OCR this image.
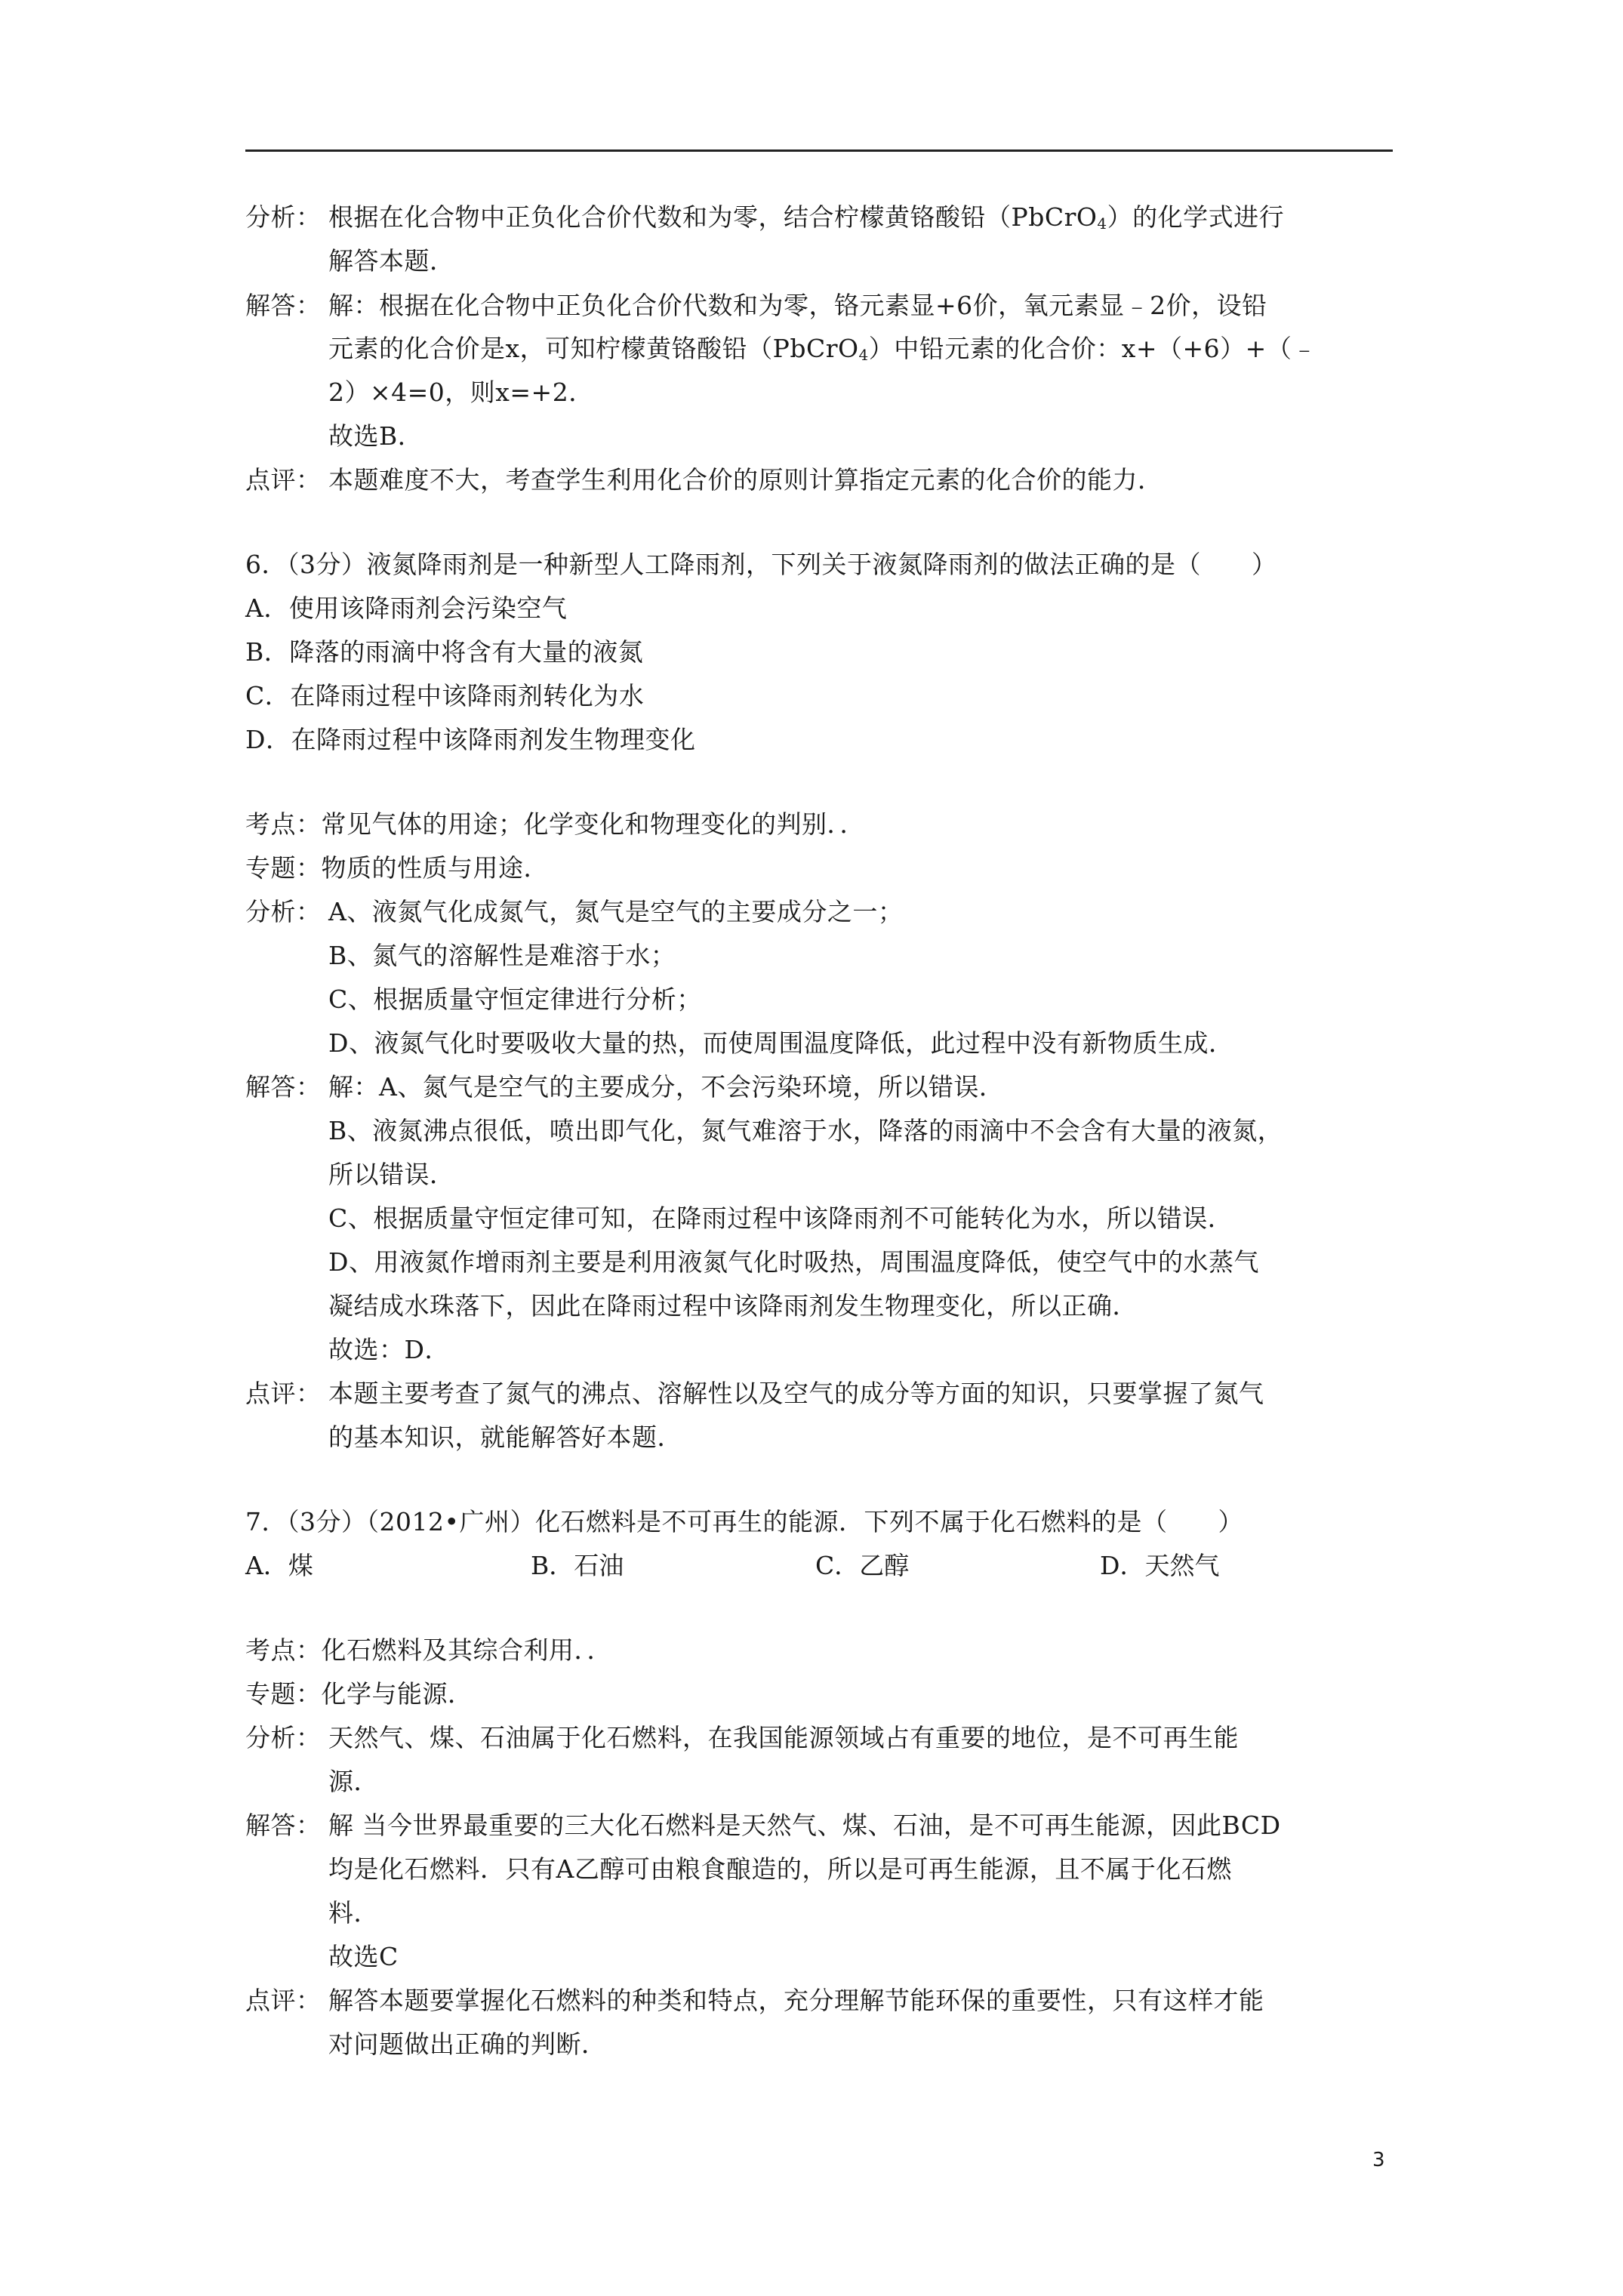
分析： 根据在化合物中正负化合价代数和为零，结合柠檬黄铬酸铅（PbCrO$_4$）的化学式进行
解答本题．
解答： 解：根据在化合物中正负化合价代数和为零，铬元素显+6价，氧元素显﹣2价，设铅
元素的化合价是x，可知柠檬黄铬酸铅（PbCrO$_4$）中铅元素的化合价：x+（+6）+（﹣
2）×4=0，则x=+2．
故选B．
点评： 本题难度不大，考查学生利用化合价的原则计算指定元素的化合价的能力．
6．（3分）液氮降雨剂是一种新型人工降雨剂，下列关于液氮降雨剂的做法正确的是（　　）
A．使用该降雨剂会污染空气
B．降落的雨滴中将含有大量的液氮
C．在降雨过程中该降雨剂转化为水
D．在降雨过程中该降雨剂发生物理变化
考点：常见气体的用途；化学变化和物理变化的判别．．
专题：物质的性质与用途．
分析： A、液氮气化成氮气，氮气是空气的主要成分之一；
B、氮气的溶解性是难溶于水；
C、根据质量守恒定律进行分析；
D、液氮气化时要吸收大量的热，而使周围温度降低，此过程中没有新物质生成．
解答： 解：A、氮气是空气的主要成分，不会污染环境，所以错误．
B、液氮沸点很低，喷出即气化，氮气难溶于水，降落的雨滴中不会含有大量的液氮，
所以错误．
C、根据质量守恒定律可知，在降雨过程中该降雨剂不可能转化为水，所以错误．
D、用液氮作增雨剂主要是利用液氮气化时吸热，周围温度降低，使空气中的水蒸气
凝结成水珠落下，因此在降雨过程中该降雨剂发生物理变化，所以正确．
故选：D．
点评： 本题主要考查了氮气的沸点、溶解性以及空气的成分等方面的知识，只要掌握了氮气
的基本知识，就能解答好本题．
7．（3分）（2012•广州）化石燃料是不可再生的能源．下列不属于化石燃料的是（　　）
A．煤	B．石油	C．乙醇	D．天然气
考点：化石燃料及其综合利用．．
专题：化学与能源．
分析： 天然气、煤、石油属于化石燃料，在我国能源领域占有重要的地位，是不可再生能
源．
解答： 解 当今世界最重要的三大化石燃料是天然气、煤、石油，是不可再生能源，因此BCD
均是化石燃料．只有A乙醇可由粮食酿造的，所以是可再生能源，且不属于化石燃
料．
故选C
点评： 解答本题要掌握化石燃料的种类和特点，充分理解节能环保的重要性，只有这样才能
对问题做出正确的判断．
3
